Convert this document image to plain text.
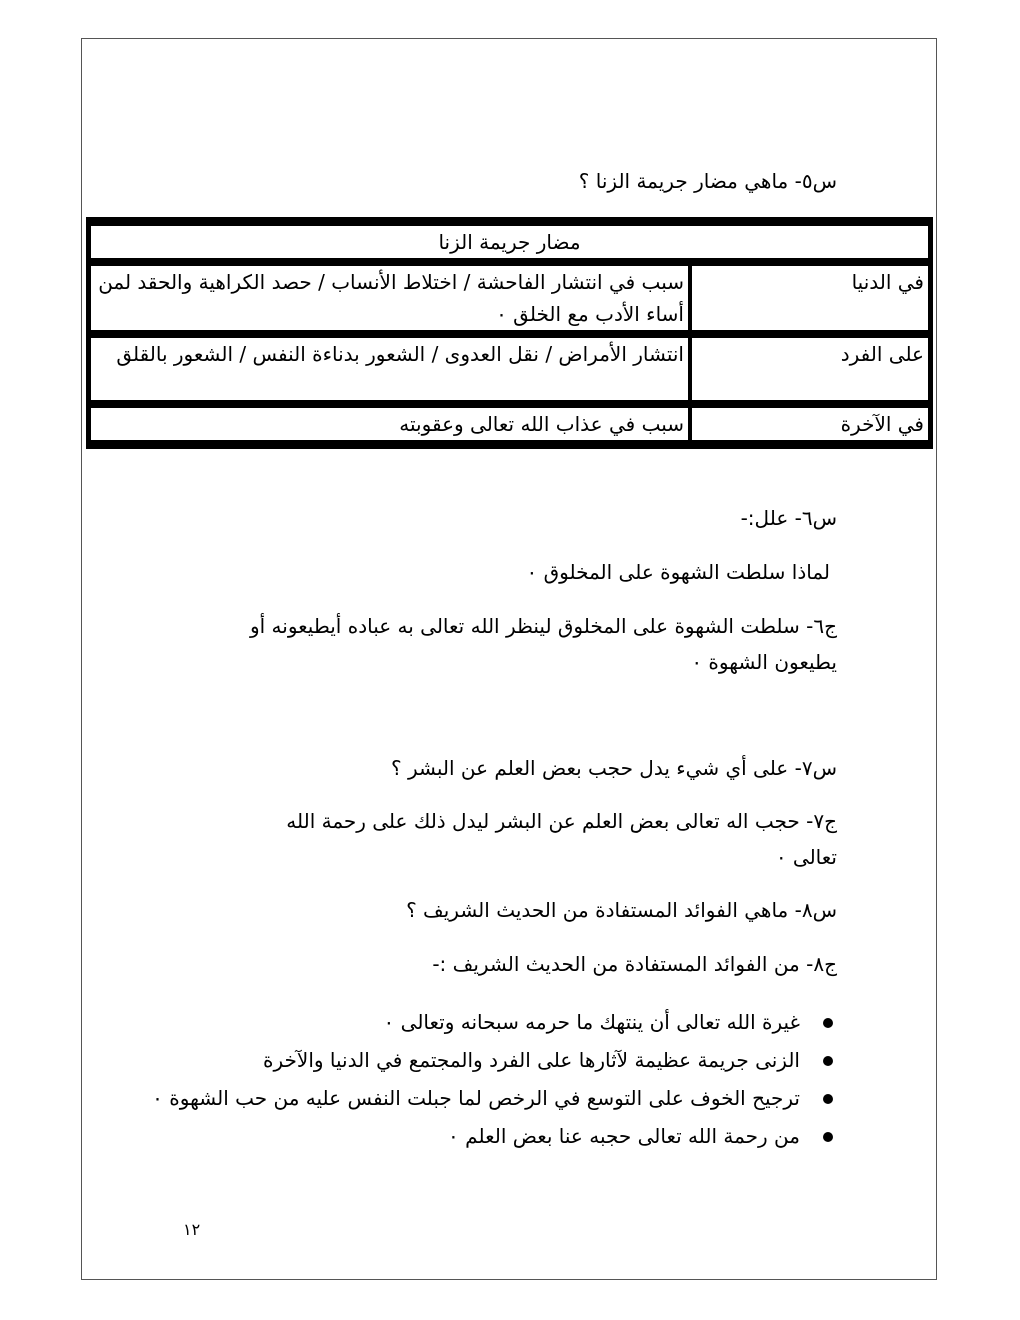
س٥- ماهي مضار جريمة الزنا ؟
مضار جريمة الزنا	
في الدنيا	سبب في انتشار الفاحشة / اختلاط الأنساب / حصد الكراهية والحقد لمن أساء الأدب مع الخلق ٠
على الفرد	انتشار الأمراض / نقل العدوى / الشعور بدناءة النفس / الشعور بالقلق
في الآخرة	سبب في عذاب الله تعالى وعقوبته
س٦- علل:-
لماذا سلطت الشهوة على المخلوق ٠
ج٦- سلطت الشهوة على المخلوق لينظر الله تعالى به عباده أيطيعونه أو يطيعون الشهوة ٠
س٧- على أي شيء يدل حجب بعض العلم عن البشر ؟
ج٧- حجب اله تعالى بعض العلم عن البشر ليدل ذلك على رحمة الله تعالى ٠
س٨- ماهي الفوائد المستفادة من الحديث الشريف ؟
ج٨- من الفوائد المستفادة من الحديث الشريف :-
غيرة الله تعالى أن ينتهك ما حرمه سبحانه وتعالى ٠
الزنى جريمة عظيمة لآثارها على الفرد والمجتمع في الدنيا والآخرة
ترجيح الخوف على التوسع في الرخص لما جبلت النفس عليه من حب الشهوة ٠
من رحمة الله تعالى حجبه عنا بعض العلم ٠
١٢
